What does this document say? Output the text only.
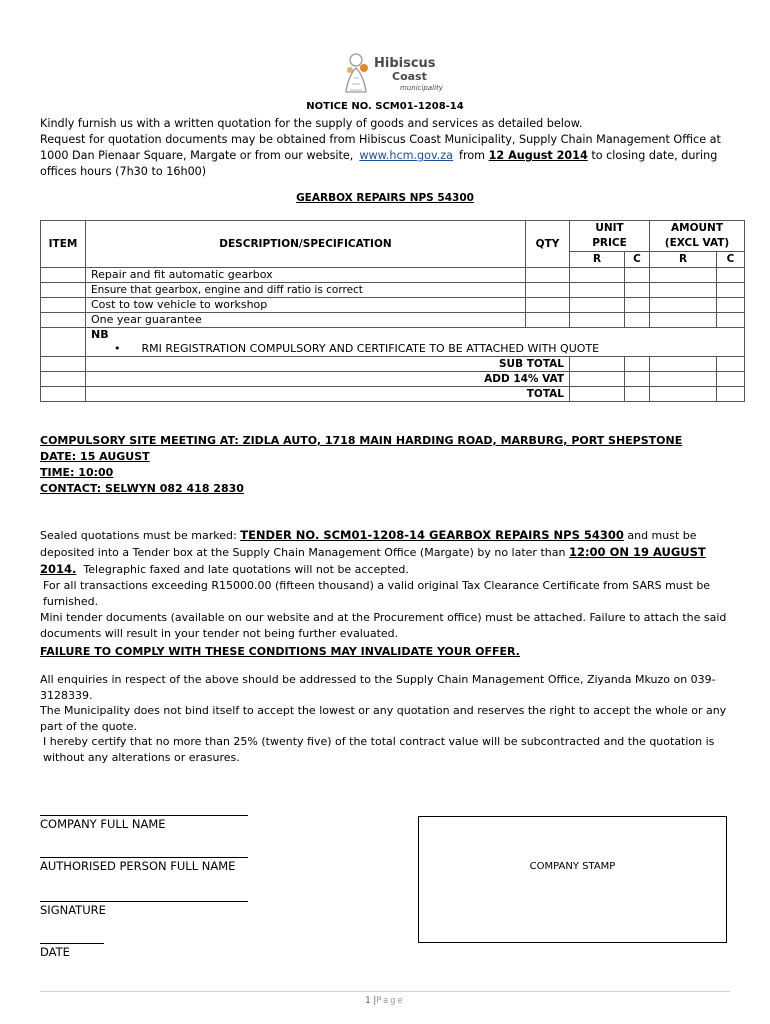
Hibiscus
Coast
municipality
NOTICE NO. SCM01-1208-14
Kindly furnish us with a written quotation for the supply of goods and services as detailed below.
Request for quotation documents may be obtained from Hibiscus Coast Municipality, Supply Chain Management Office at 1000 Dan Pienaar Square, Margate or from our website, www.hcm.gov.za from 12 August 2014 to closing date, during offices hours (7h30 to 16h00)
GEARBOX REPAIRS NPS 54300
ITEM	DESCRIPTION/SPECIFICATION	QTY	UNIT		AMOUNT	
			PRICE		(EXCL VAT)	
			R	C	R	C
	Repair and fit automatic gearbox					
	Ensure that gearbox, engine and diff ratio is correct					
	Cost to tow vehicle to workshop					
	One year guarantee					
	NB					
	• RMI REGISTRATION COMPULSORY AND CERTIFICATE TO BE ATTACHED WITH QUOTE					
	SUB TOTAL					
	ADD 14% VAT					
	TOTAL					
COMPULSORY SITE MEETING AT: ZIDLA AUTO, 1718 MAIN HARDING ROAD, MARBURG, PORT SHEPSTONE
DATE: 15 AUGUST
TIME: 10:00
CONTACT: SELWYN 082 418 2830
Sealed quotations must be marked: TENDER NO. SCM01-1208-14 GEARBOX REPAIRS NPS 54300 and must be deposited into a Tender box at the Supply Chain Management Office (Margate) by no later than 12:00 ON 19 AUGUST 2014. Telegraphic faxed and late quotations will not be accepted.
For all transactions exceeding R15000.00 (fifteen thousand) a valid original Tax Clearance Certificate from SARS must be furnished.
Mini tender documents (available on our website and at the Procurement office) must be attached. Failure to attach the said documents will result in your tender not being further evaluated.
FAILURE TO COMPLY WITH THESE CONDITIONS MAY INVALIDATE YOUR OFFER.
All enquiries in respect of the above should be addressed to the Supply Chain Management Office, Ziyanda Mkuzo on 039-3128339.
The Municipality does not bind itself to accept the lowest or any quotation and reserves the right to accept the whole or any part of the quote.
I hereby certify that no more than 25% (twenty five) of the total contract value will be subcontracted and the quotation is without any alterations or erasures.
COMPANY FULL NAME
AUTHORISED PERSON FULL NAME
SIGNATURE
DATE
COMPANY STAMP
1 |Page
